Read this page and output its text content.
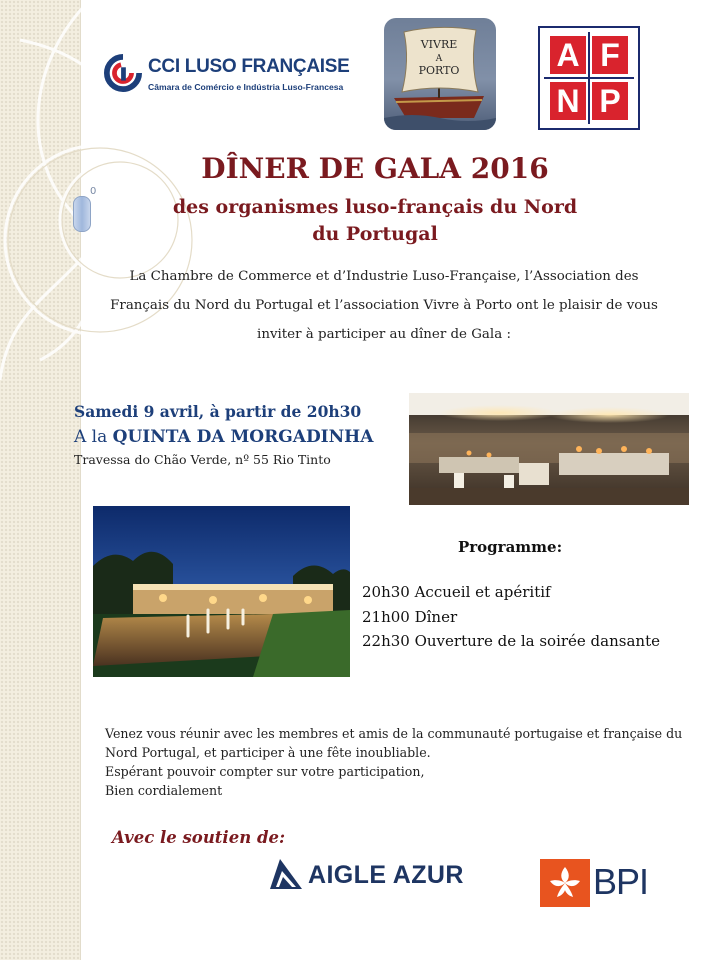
0
CCI LUSO FRANÇAISE
Câmara de Comércio e Indústria Luso-Francesa
VIVRE
A
PORTO	A F
N P
DÎNER DE GALA 2016
des organismes luso-français du Nord du Portugal
La Chambre de Commerce et d’Industrie Luso-Française, l’Association des Français du Nord du Portugal et l’association Vivre à Porto ont le plaisir de vous inviter à participer au dîner de Gala :
Samedi 9 avril, à partir de 20h30
A la QUINTA DA MORGADINHA
Travessa do Chão Verde, nº 55 Rio Tinto
Programme:
20h30 Accueil et apéritif
21h00 Dîner
22h30 Ouverture de la soirée dansante
Venez vous réunir avec les membres et amis de la communauté portugaise et française du
Nord Portugal, et participer à une fête inoubliable.
Espérant pouvoir compter sur votre participation,
Bien cordialement
Avec le soutien de:
AIGLE AZUR	BPI
